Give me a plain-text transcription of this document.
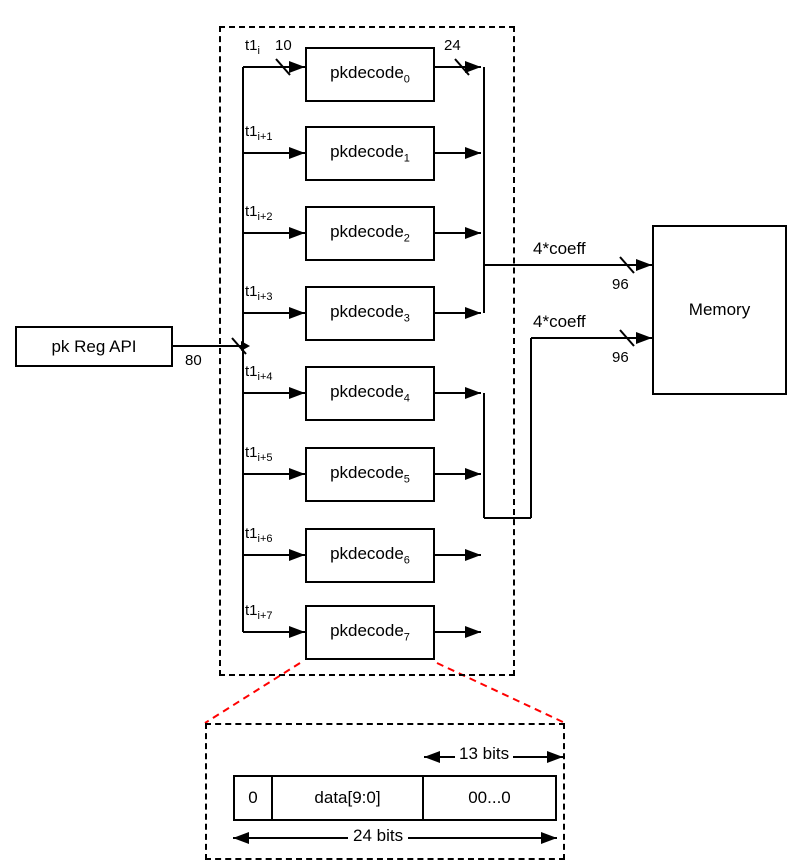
pk Reg API
80
pkdecode$_0$
pkdecode$_1$
pkdecode$_2$
pkdecode$_3$
pkdecode$_4$
pkdecode$_5$
pkdecode$_6$
pkdecode$_7$
$t1_i$
$t1_{i+1}$
$t1_{i+2}$
$t1_{i+3}$
$t1_{i+4}$
$t1_{i+5}$
$t1_{i+6}$
$t1_{i+7}$
10	24
4*coeff
96
4*coeff
96
Memory
13 bits
0	data[9:0]	00...0
24 bits
